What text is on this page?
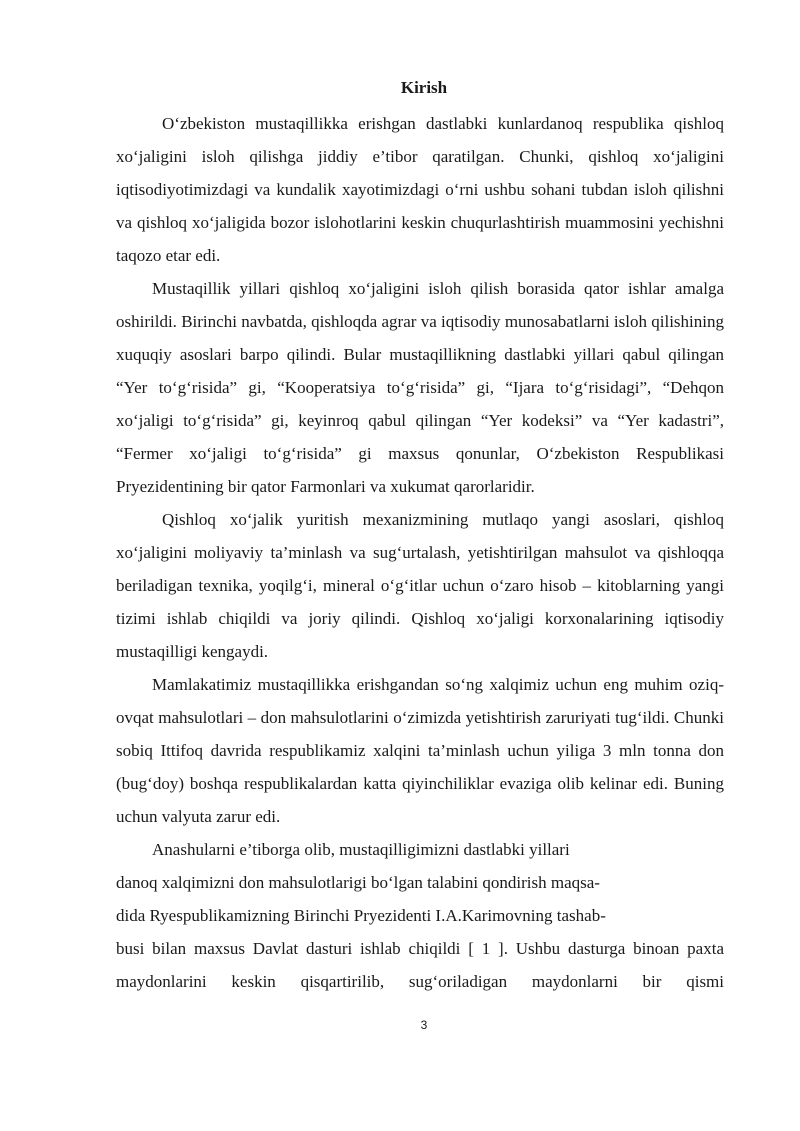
Kirish

O‘zbekiston mustaqillikka erishgan dastlabki kunlardanoq respublika qishloq xo‘jaligini isloh qilishga jiddiy e’tibor qaratilgan. Chunki, qishloq xo‘jaligini iqtisodiyotimizdagi va kundalik xayotimizdagi o‘rni ushbu sohani tubdan isloh qilishni va qishloq xo‘jaligida bozor islohotlarini keskin chuqurlashtirish muammosini yechishni taqozo etar edi.

Mustaqillik yillari qishloq xo‘jaligini isloh qilish borasida qator ishlar amalga oshirildi. Birinchi navbatda, qishloqda agrar va iqtisodiy munosabatlarni isloh qilishining xuquqiy asoslari barpo qilindi. Bular mustaqillikning dastlabki yillari qabul qilingan “Yer to‘g‘risida” gi, “Kooperatsiya to‘g‘risida” gi, “Ijara to‘g‘risidagi”, “Dehqon xo‘jaligi to‘g‘risida” gi, keyinroq qabul qilingan “Yer kodeksi” va “Yer kadastri”, “Fermer xo‘jaligi to‘g‘risida” gi maxsus qonunlar, O‘zbekiston Respublikasi Pryezidentining bir qator Farmonlari va xukumat qarorlaridir.

Qishloq xo‘jalik yuritish mexanizmining mutlaqo yangi asoslari, qishloq xo‘jaligini moliyaviy ta’minlash va sug‘urtalash, yetishtirilgan mahsulot va qishloqqa beriladigan texnika, yoqilg‘i, mineral o‘g‘itlar uchun o‘zaro hisob – kitoblarning yangi tizimi ishlab chiqildi va joriy qilindi. Qishloq xo‘jaligi korxonalarining iqtisodiy mustaqilligi kengaydi.

Mamlakatimiz mustaqillikka erishgandan so‘ng xalqimiz uchun eng muhim oziq-ovqat mahsulotlari – don mahsulotlarini o‘zimizda yetishtirish zaruriyati tug‘ildi. Chunki sobiq Ittifoq davrida respublikamiz xalqini ta’minlash uchun yiliga 3 mln tonna don (bug‘doy) boshqa respublikalardan katta qiyinchiliklar evaziga olib kelinar edi. Buning uchun valyuta zarur edi.

Anashularni e’tiborga olib, mustaqilligimizni dastlabki yillari

danoq xalqimizni don mahsulotlarigi bo‘lgan talabini qondirish maqsa-

dida Ryespublikamizning Birinchi Pryezidenti I.A.Karimovning tashab-

busi bilan maxsus Davlat dasturi ishlab chiqildi [ 1 ]. Ushbu dasturga binoan paxta maydonlarini keskin qisqartirilib, sug‘oriladigan maydonlarni bir qismi

3
